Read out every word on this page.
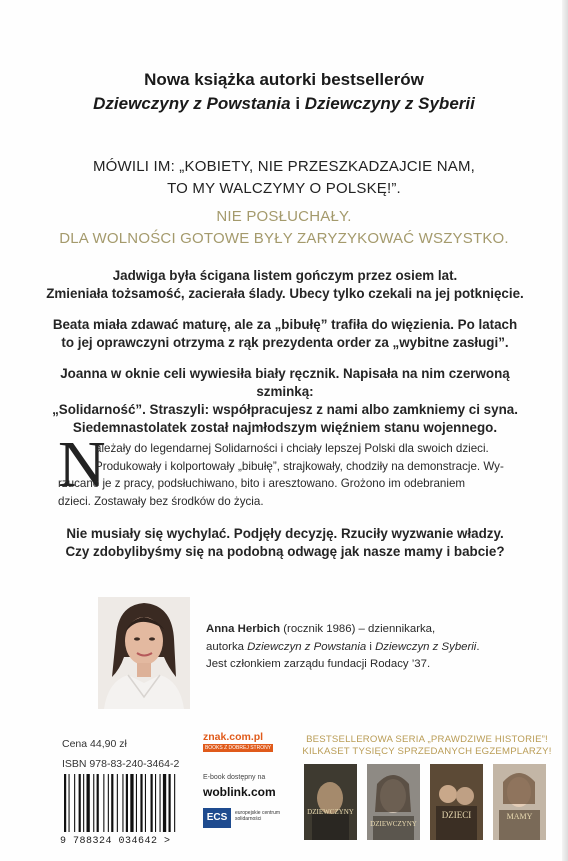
Nowa książka autorki bestsellerów
Dziewczyny z Powstania i Dziewczyny z Syberii
MÓWILI IM: „KOBIETY, NIE PRZESZKADZAJCIE NAM,
TO MY WALCZYMY O POLSKĘ!”.
NIE POSŁUCHAŁY.
DLA WOLNOŚCI GOTOWE BYŁY ZARYZYKOWAĆ WSZYSTKO.
Jadwiga była ścigana listem gończym przez osiem lat.
Zmieniała tożsamość, zacierała ślady. Ubecy tylko czekali na jej potknięcie.
Beata miała zdawać maturę, ale za „bibułę” trafiła do więzienia. Po latach
to jej oprawczyni otrzyma z rąk prezydenta order za „wybitne zasługi”.
Joanna w oknie celi wywiesiła biały ręcznik. Napisała na nim czerwoną szminką:
„Solidarność”. Straszyli: współpracujesz z nami albo zamkniemy ci syna.
Siedemnastolatek został najmłodszym więźniem stanu wojennego.
N
ależały do legendarnej Solidarności i chciały lepszej Polski dla swoich dzieci.
Produkowały i kolportowały „bibułę”, strajkowały, chodziły na demonstracje. Wy-
rzucano je z pracy, podsłuchiwano, bito i aresztowano. Grożono im odebraniem
dzieci. Zostawały bez środków do życia.
Nie musiały się wychylać. Podjęły decyzję. Rzuciły wyzwanie władzy.
Czy zdobylibyśmy się na podobną odwagę jak nasze mamy i babcie?
Anna Herbich (rocznik 1986) – dziennikarka,
autorka Dziewczyn z Powstania i Dziewczyn z Syberii.
Jest członkiem zarządu fundacji Rodacy ’37.
Cena 44,90 zł
ISBN 978-83-240-3464-2
9 788324 034642 >
znak.com.pl
BOOKS Z DOBREJ STRONY
E-book dostępny na
woblink.com
ECS europejskie centrum solidarności
BESTSELLEROWA SERIA „PRAWDZIWE HISTORIE”!
KILKASET TYSIĘCY SPRZEDANYCH EGZEMPLARZY!
DZIEWCZYNY
DZIEWCZYNY
DZIECI	MAMY
